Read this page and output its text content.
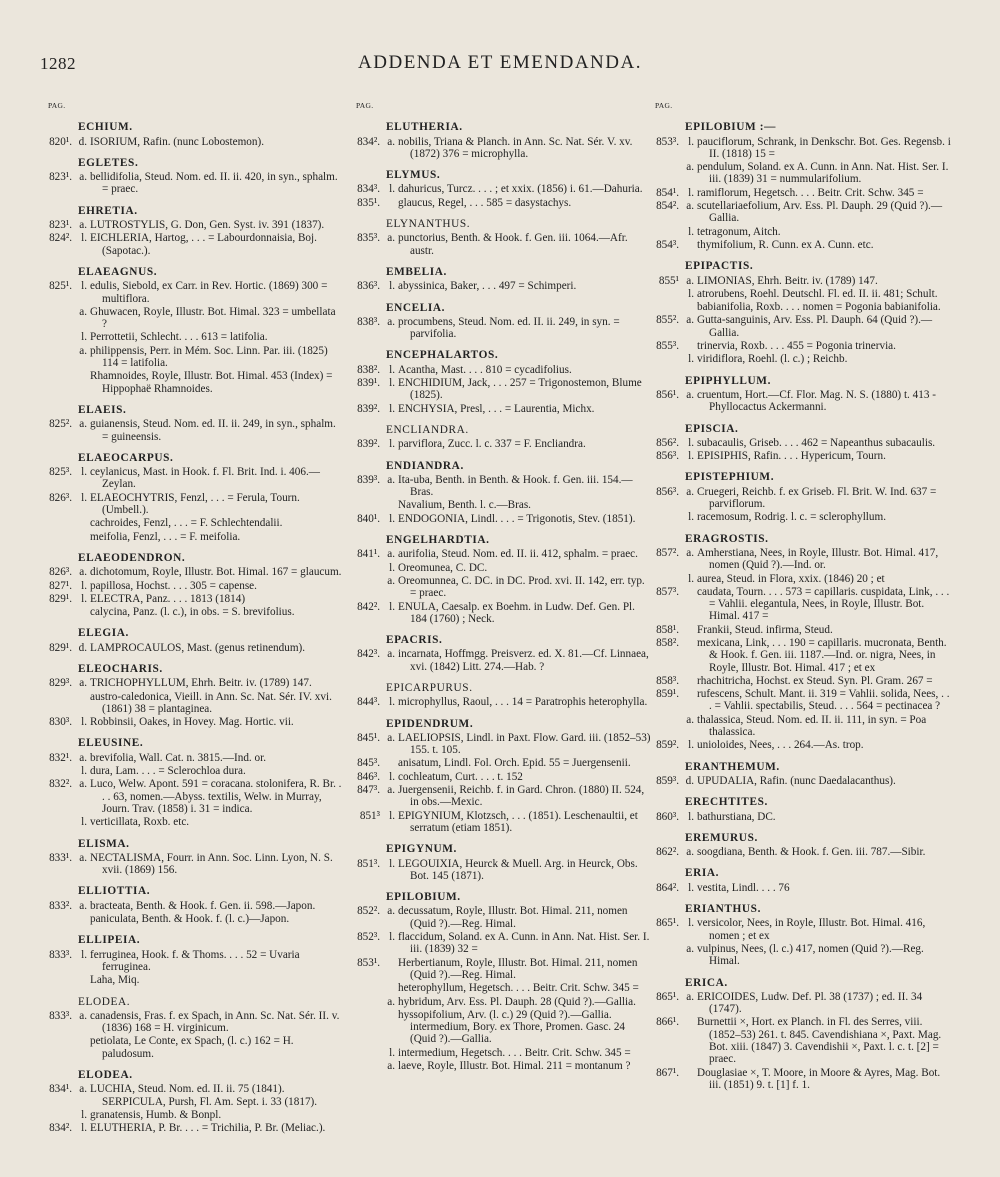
1282	ADDENDA ET EMENDANDA.
PAG.
ECHIUM.
820¹. d. ISORIUM, Rafin. (nunc Lobostemon).
EGLETES.
823¹. a. bellidifolia, Steud. Nom. ed. II. ii. 420, in syn., sphalm. = praec.
EHRETIA.
823¹. a. LUTROSTYLIS, G. Don, Gen. Syst. iv. 391 (1837).
824². l. EICHLERIA, Hartog, . . . = Labourdonnaisia, Boj. (Sapotac.).
ELAEAGNUS.
825¹. l. edulis, Siebold, ex Carr. in Rev. Hortic. (1869) 300 = multiflora.
a. Ghuwacen, Royle, Illustr. Bot. Himal. 323 = umbellata ?
l. Perrottetii, Schlecht. . . . 613 = latifolia.
a. philippensis, Perr. in Mém. Soc. Linn. Par. iii. (1825) 114 = latifolia.
Rhamnoides, Royle, Illustr. Bot. Himal. 453 (Index) = Hippophaë Rhamnoides.
ELAEIS.
825². a. guianensis, Steud. Nom. ed. II. ii. 249, in syn., sphalm. = guineensis.
ELAEOCARPUS.
825³. l. ceylanicus, Mast. in Hook. f. Fl. Brit. Ind. i. 406.—Zeylan.
826³. l. ELAEOCHYTRIS, Fenzl, . . . = Ferula, Tourn. (Umbell.).
cachroides, Fenzl, . . . = F. Schlechtendalii.
meifolia, Fenzl, . . . = F. meifolia.
ELAEODENDRON.
826³. a. dichotomum, Royle, Illustr. Bot. Himal. 167 = glaucum.
827¹. l. papillosa, Hochst. . . . 305 = capense.
829¹. l. ELECTRA, Panz. . . . 1813 (1814)
calycina, Panz. (l. c.), in obs. = S. brevifolius.
ELEGIA.
829¹. d. LAMPROCAULOS, Mast. (genus retinendum).
ELEOCHARIS.
829³. a. TRICHOPHYLLUM, Ehrh. Beitr. iv. (1789) 147.
austro-caledonica, Vieill. in Ann. Sc. Nat. Sér. IV. xvi. (1861) 38 = plantaginea.
830³. l. Robbinsii, Oakes, in Hovey. Mag. Hortic. vii.
ELEUSINE.
832¹. a. brevifolia, Wall. Cat. n. 3815.—Ind. or.
l. dura, Lam. . . . = Sclerochloa dura.
832². a. Luco, Welw. Apont. 591 = coracana. stolonifera, R. Br. . . . 63, nomen.—Abyss. textilis, Welw. in Murray, Journ. Trav. (1858) i. 31 = indica.
l. verticillata, Roxb. etc.
ELISMA.
833¹. a. NECTALISMA, Fourr. in Ann. Soc. Linn. Lyon, N. S. xvii. (1869) 156.
ELLIOTTIA.
833². a. bracteata, Benth. & Hook. f. Gen. ii. 598.—Japon.
paniculata, Benth. & Hook. f. (l. c.)—Japon.
ELLIPEIA.
833³. l. ferruginea, Hook. f. & Thoms. . . . 52 = Uvaria ferruginea.
Laha, Miq.
ELODEA.
833³. a. canadensis, Fras. f. ex Spach, in Ann. Sc. Nat. Sér. II. v. (1836) 168 = H. virginicum.
petiolata, Le Conte, ex Spach, (l. c.) 162 = H. paludosum.
ELODEA.
834¹. a. LUCHIA, Steud. Nom. ed. II. ii. 75 (1841). SERPICULA, Pursh, Fl. Am. Sept. i. 33 (1817).
l. granatensis, Humb. & Bonpl.
834². l. ELUTHERIA, P. Br. . . . = Trichilia, P. Br. (Meliac.).
PAG.
ELUTHERIA.
834². a. nobilis, Triana & Planch. in Ann. Sc. Nat. Sér. V. xv. (1872) 376 = microphylla.
ELYMUS.
834³. l. dahuricus, Turcz. . . . ; et xxix. (1856) i. 61.—Dahuria.
835¹. glaucus, Regel, . . . 585 = dasystachys.
ELYNANTHUS.
835³. a. punctorius, Benth. & Hook. f. Gen. iii. 1064.—Afr. austr.
EMBELIA.
836³. l. abyssinica, Baker, . . . 497 = Schimperi.
ENCELIA.
838³. a. procumbens, Steud. Nom. ed. II. ii. 249, in syn. = parvifolia.
ENCEPHALARTOS.
838². l. Acantha, Mast. . . . 810 = cycadifolius.
839¹. l. ENCHIDIUM, Jack, . . . 257 = Trigonostemon, Blume (1825).
839². l. ENCHYSIA, Presl, . . . = Laurentia, Michx.
ENCLIANDRA.
839². l. parviflora, Zucc. l. c. 337 = F. Encliandra.
ENDIANDRA.
839³. a. Ita-uba, Benth. in Benth. & Hook. f. Gen. iii. 154.—Bras.
Navalium, Benth. l. c.—Bras.
840¹. l. ENDOGONIA, Lindl. . . . = Trigonotis, Stev. (1851).
ENGELHARDTIA.
841¹. a. aurifolia, Steud. Nom. ed. II. ii. 412, sphalm. = praec.
l. Oreomunea, C. DC.
a. Oreomunnea, C. DC. in DC. Prod. xvi. II. 142, err. typ. = praec.
842². l. ENULA, Caesalp. ex Boehm. in Ludw. Def. Gen. Pl. 184 (1760) ; Neck.
EPACRIS.
842³. a. incarnata, Hoffmgg. Preisverz. ed. X. 81.—Cf. Linnaea, xvi. (1842) Litt. 274.—Hab. ?
EPICARPURUS.
844³. l. microphyllus, Raoul, . . . 14 = Paratrophis heterophylla.
EPIDENDRUM.
845¹. a. LAELIOPSIS, Lindl. in Paxt. Flow. Gard. iii. (1852–53) 155. t. 105.
845³. anisatum, Lindl. Fol. Orch. Epid. 55 = Juergensenii.
846³. l. cochleatum, Curt. . . . t. 152
847³. a. Juergensenii, Reichb. f. in Gard. Chron. (1880) II. 524, in obs.—Mexic.
851³ l. EPIGYNIUM, Klotzsch, . . . (1851). Leschenaultii, et serratum (etiam 1851).
EPIGYNUM.
851³. l. LEGOUIXIA, Heurck & Muell. Arg. in Heurck, Obs. Bot. 145 (1871).
EPILOBIUM.
852². a. decussatum, Royle, Illustr. Bot. Himal. 211, nomen (Quid ?).—Reg. Himal.
852³. l. flaccidum, Soland. ex A. Cunn. in Ann. Nat. Hist. Ser. I. iii. (1839) 32 =
853¹. Herbertianum, Royle, Illustr. Bot. Himal. 211, nomen (Quid ?).—Reg. Himal.
heterophyllum, Hegetsch. . . . Beitr. Crit. Schw. 345 =
a. hybridum, Arv. Ess. Pl. Dauph. 28 (Quid ?).—Gallia.
hyssopifolium, Arv. (l. c.) 29 (Quid ?).—Gallia. intermedium, Bory. ex Thore, Promen. Gasc. 24 (Quid ?).—Gallia.
l. intermedium, Hegetsch. . . . Beitr. Crit. Schw. 345 =
a. laeve, Royle, Illustr. Bot. Himal. 211 = montanum ?
PAG.
EPILOBIUM :—
853³. l. pauciflorum, Schrank, in Denkschr. Bot. Ges. Regensb. i II. (1818) 15 =
a. pendulum, Soland. ex A. Cunn. in Ann. Nat. Hist. Ser. I. iii. (1839) 31 = nummularifolium.
854¹. l. ramiflorum, Hegetsch. . . . Beitr. Crit. Schw. 345 =
854². a. scutellariaefolium, Arv. Ess. Pl. Dauph. 29 (Quid ?).—Gallia.
l. tetragonum, Aitch.
854³. thymifolium, R. Cunn. ex A. Cunn. etc.
EPIPACTIS.
855¹ a. LIMONIAS, Ehrh. Beitr. iv. (1789) 147.
l. atrorubens, Roehl. Deutschl. Fl. ed. II. ii. 481; Schult.
babianifolia, Roxb. . . . nomen = Pogonia babianifolia.
855². a. Gutta-sanguinis, Arv. Ess. Pl. Dauph. 64 (Quid ?).—Gallia.
855³. trinervia, Roxb. . . . 455 = Pogonia trinervia.
l. viridiflora, Roehl. (l. c.) ; Reichb.
EPIPHYLLUM.
856¹. a. cruentum, Hort.—Cf. Flor. Mag. N. S. (1880) t. 413 - Phyllocactus Ackermanni.
EPISCIA.
856². l. subacaulis, Griseb. . . . 462 = Napeanthus subacaulis.
856³. l. EPISIPHIS, Rafin. . . . Hypericum, Tourn.
EPISTEPHIUM.
856³. a. Cruegeri, Reichb. f. ex Griseb. Fl. Brit. W. Ind. 637 = parviflorum.
l. racemosum, Rodrig. l. c. = sclerophyllum.
ERAGROSTIS.
857². a. Amherstiana, Nees, in Royle, Illustr. Bot. Himal. 417, nomen (Quid ?).—Ind. or.
l. aurea, Steud. in Flora, xxix. (1846) 20 ; et
857³. caudata, Tourn. . . . 573 = capillaris. cuspidata, Link, . . . = Vahlii. elegantula, Nees, in Royle, Illustr. Bot. Himal. 417 =
858¹. Frankii, Steud. infirma, Steud.
858². mexicana, Link, . . . 190 = capillaris. mucronata, Benth. & Hook. f. Gen. iii. 1187.—Ind. or. nigra, Nees, in Royle, Illustr. Bot. Himal. 417 ; et ex
858³. rhachitricha, Hochst. ex Steud. Syn. Pl. Gram. 267 =
859¹. rufescens, Schult. Mant. ii. 319 = Vahlii. solida, Nees, . . . = Vahlii. spectabilis, Steud. . . . 564 = pectinacea ?
a. thalassica, Steud. Nom. ed. II. ii. 111, in syn. = Poa thalassica.
859². l. unioloides, Nees, . . . 264.—As. trop.
ERANTHEMUM.
859³. d. UPUDALIA, Rafin. (nunc Daedalacanthus).
ERECHTITES.
860³. l. bathurstiana, DC.
EREMURUS.
862². a. soogdiana, Benth. & Hook. f. Gen. iii. 787.—Sibir.
ERIA.
864². l. vestita, Lindl. . . . 76
ERIANTHUS.
865¹. l. versicolor, Nees, in Royle, Illustr. Bot. Himal. 416, nomen ; et ex
a. vulpinus, Nees, (l. c.) 417, nomen (Quid ?).—Reg. Himal.
ERICA.
865¹. a. ERICOIDES, Ludw. Def. Pl. 38 (1737) ; ed. II. 34 (1747).
866¹. Burnettii ×, Hort. ex Planch. in Fl. des Serres, viii. (1852–53) 261. t. 845. Cavendishiana ×, Paxt. Mag. Bot. xiii. (1847) 3. Cavendishii ×, Paxt. l. c. t. [2] = praec.
867¹. Douglasiae ×, T. Moore, in Moore & Ayres, Mag. Bot. iii. (1851) 9. t. [1] f. 1.
